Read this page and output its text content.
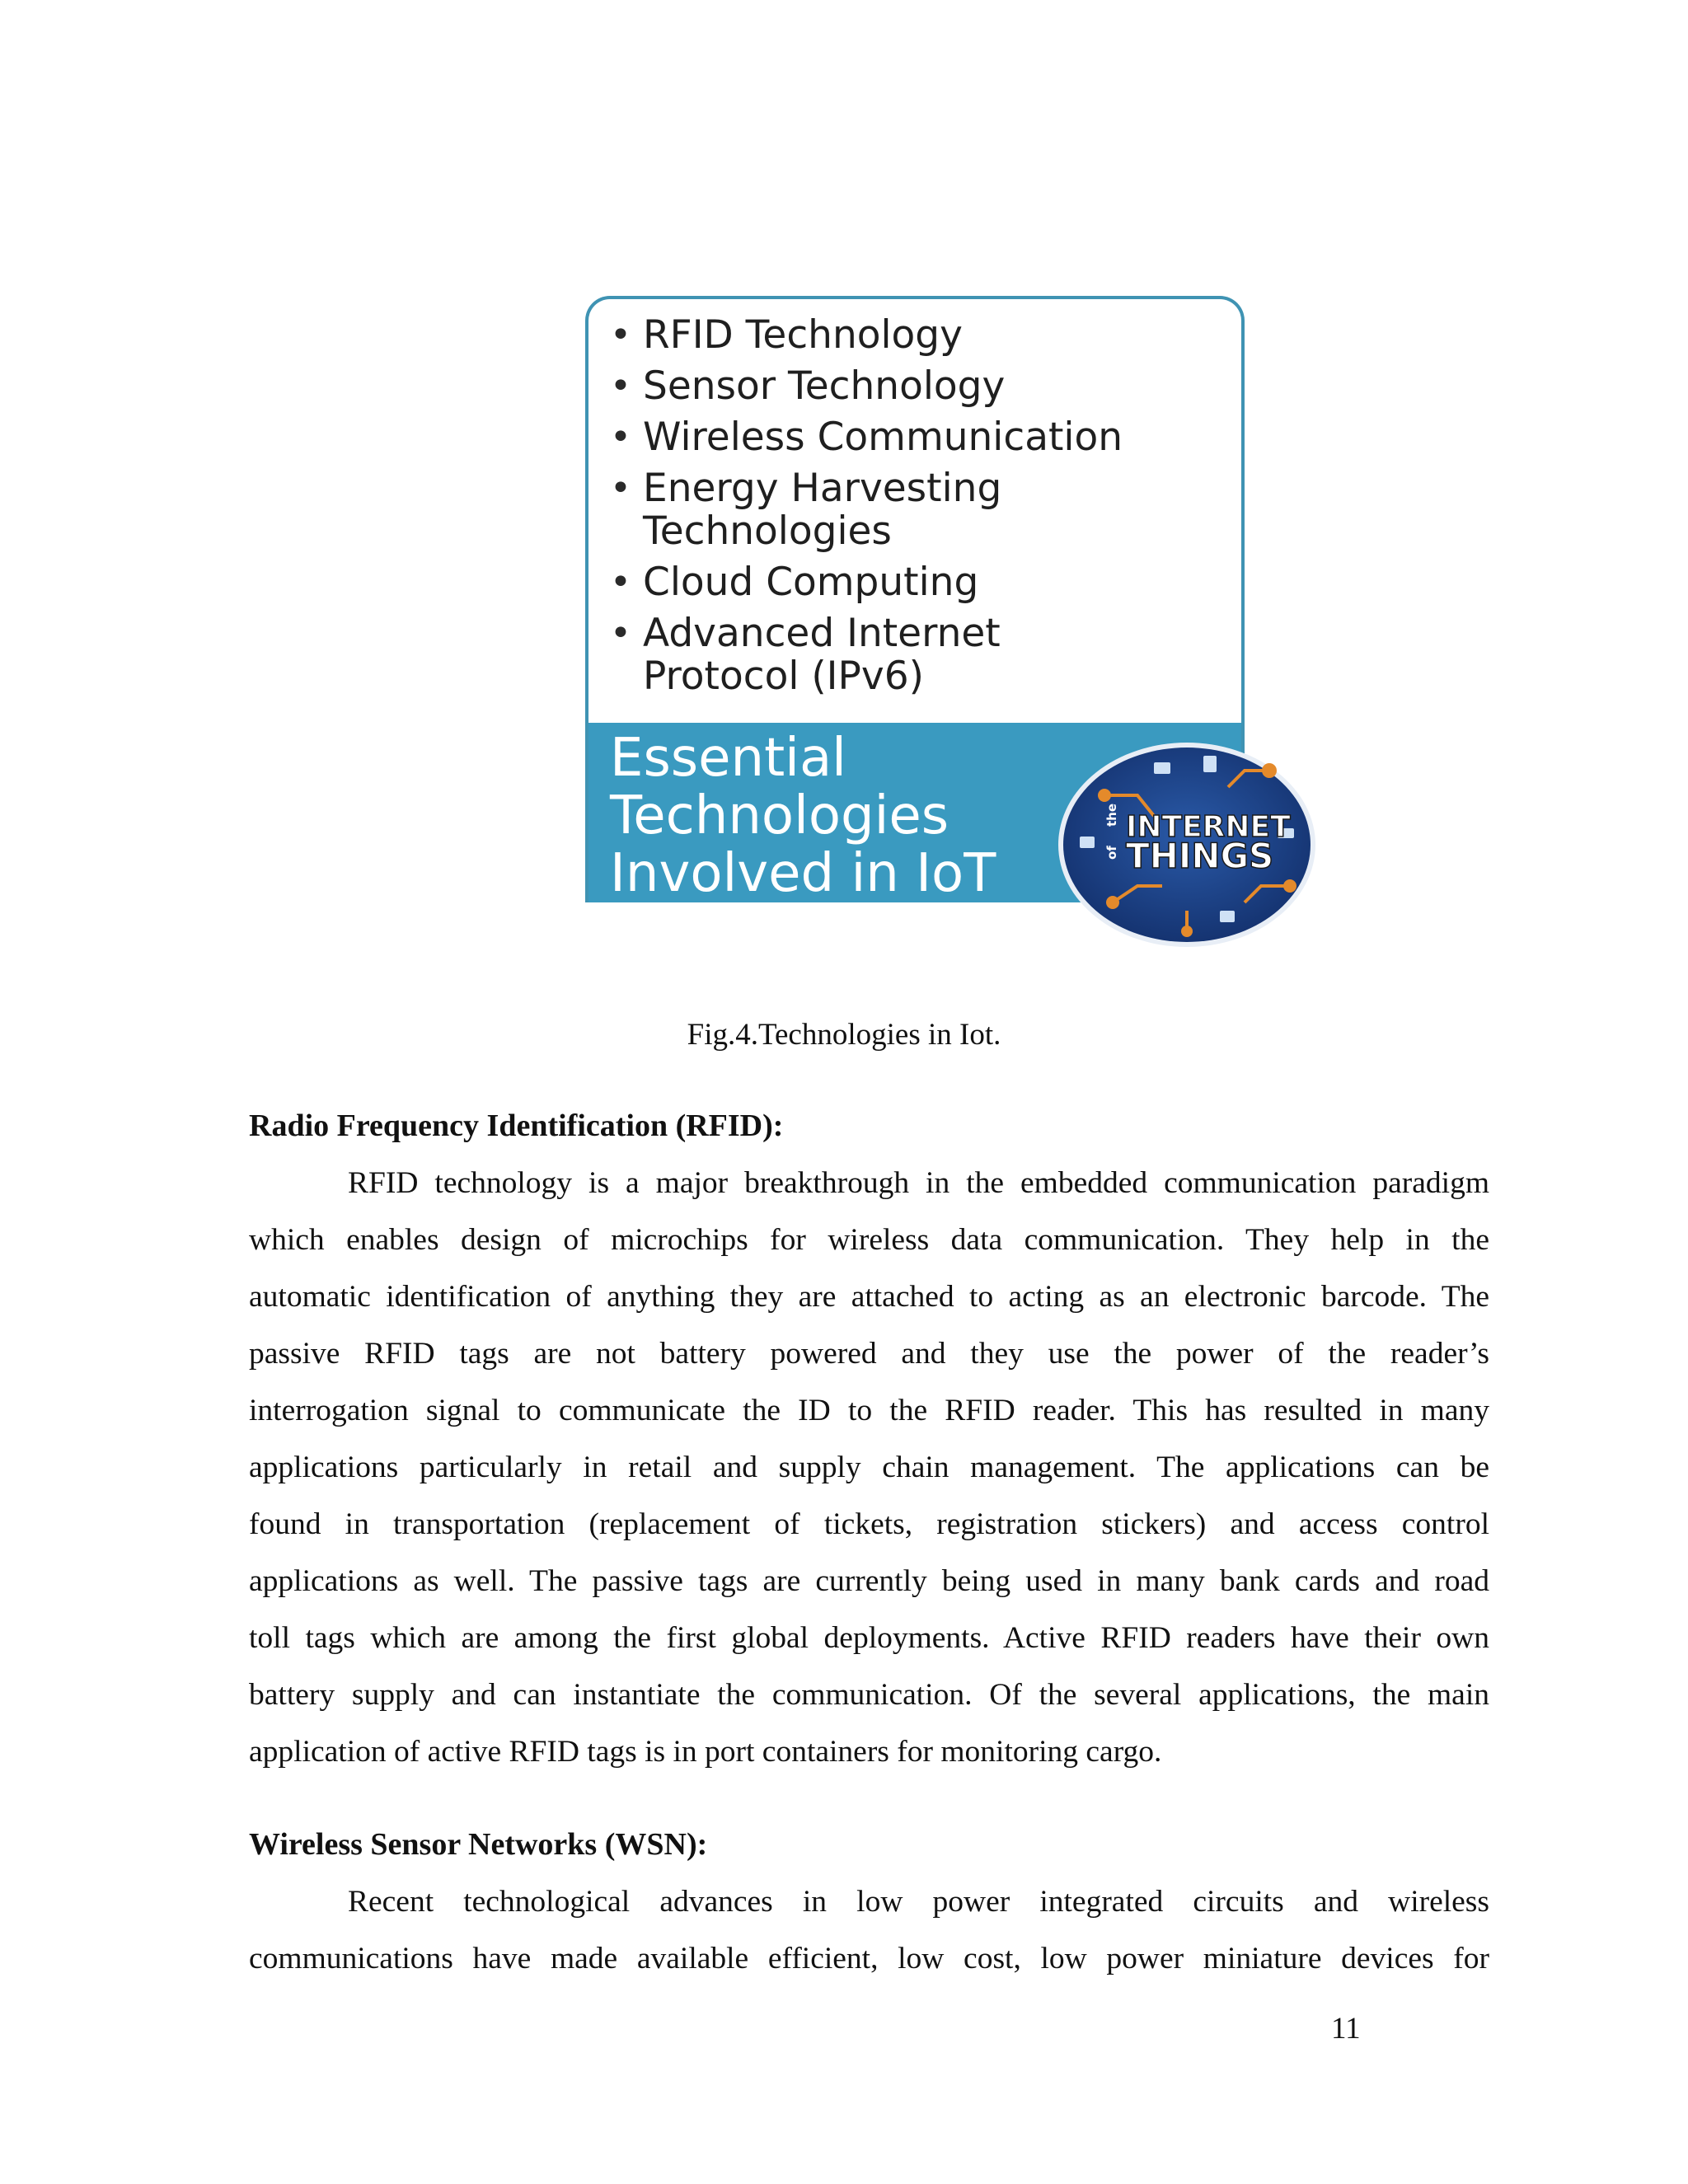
• RFID Technology
• Sensor Technology
• Wireless Communication
• Energy Harvesting
Technologies
• Cloud Computing
• Advanced Internet
Protocol (IPv6)
Essential
Technologies
Involved in IoT
the
of
INTERNET
THINGS
Fig.4.Technologies in Iot.
Radio Frequency Identification (RFID):
RFID technology is a major breakthrough in the embedded communication paradigm
which enables design of microchips for wireless data communication. They help in the
automatic identification of anything they are attached to acting as an electronic barcode. The
passive RFID tags are not battery powered and they use the power of the reader’s
interrogation signal to communicate the ID to the RFID reader. This has resulted in many
applications particularly in retail and supply chain management. The applications can be
found in transportation (replacement of tickets, registration stickers) and access control
applications as well. The passive tags are currently being used in many bank cards and road
toll tags which are among the first global deployments. Active RFID readers have their own
battery supply and can instantiate the communication. Of the several applications, the main
application of active RFID tags is in port containers for monitoring cargo.
Wireless Sensor Networks (WSN):
Recent technological advances in low power integrated circuits and wireless
communications have made available efficient, low cost, low power miniature devices for
11
